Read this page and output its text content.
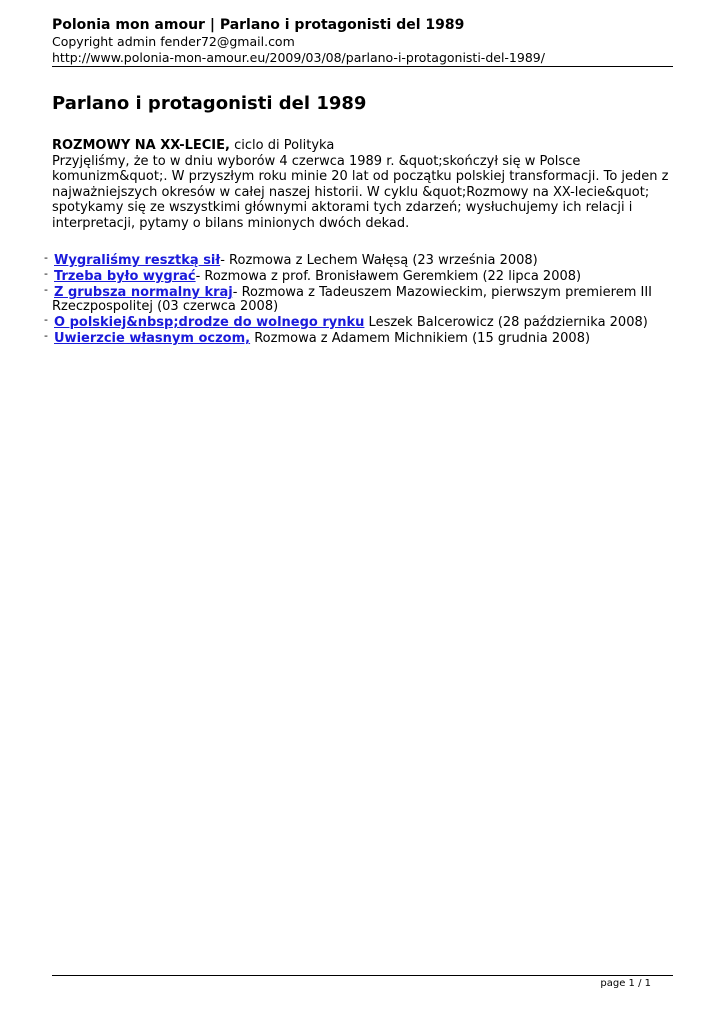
Polonia mon amour | Parlano i protagonisti del 1989
Copyright admin fender72@gmail.com
http://www.polonia-mon-amour.eu/2009/03/08/parlano-i-protagonisti-del-1989/
Parlano i protagonisti del 1989
ROZMOWY NA XX-LECIE, ciclo di Polityka
Przyjęliśmy, że to w dniu wyborów 4 czerwca 1989 r. &quot;skończył się w Polsce komunizm&quot;. W przyszłym roku minie 20 lat od początku polskiej transformacji. To jeden z najważniejszych okresów w całej naszej historii. W cyklu &quot;Rozmowy na XX-lecie&quot; spotykamy się ze wszystkimi głównymi aktorami tych zdarzeń; wysłuchujemy ich relacji i interpretacji, pytamy o bilans minionych dwóch dekad.
- Wygraliśmy resztką sił- Rozmowa z Lechem Wałęsą (23 września 2008)
- Trzeba było wygrać- Rozmowa z prof. Bronisławem Geremkiem (22 lipca 2008)
- Z grubsza normalny kraj- Rozmowa z Tadeuszem Mazowieckim, pierwszym premierem III
Rzeczpospolitej (03 czerwca 2008)
- O polskiej&nbsp;drodze do wolnego rynku Leszek Balcerowicz (28 października 2008)
- Uwierzcie własnym oczom, Rozmowa z Adamem Michnikiem (15 grudnia 2008)
page 1 / 1
